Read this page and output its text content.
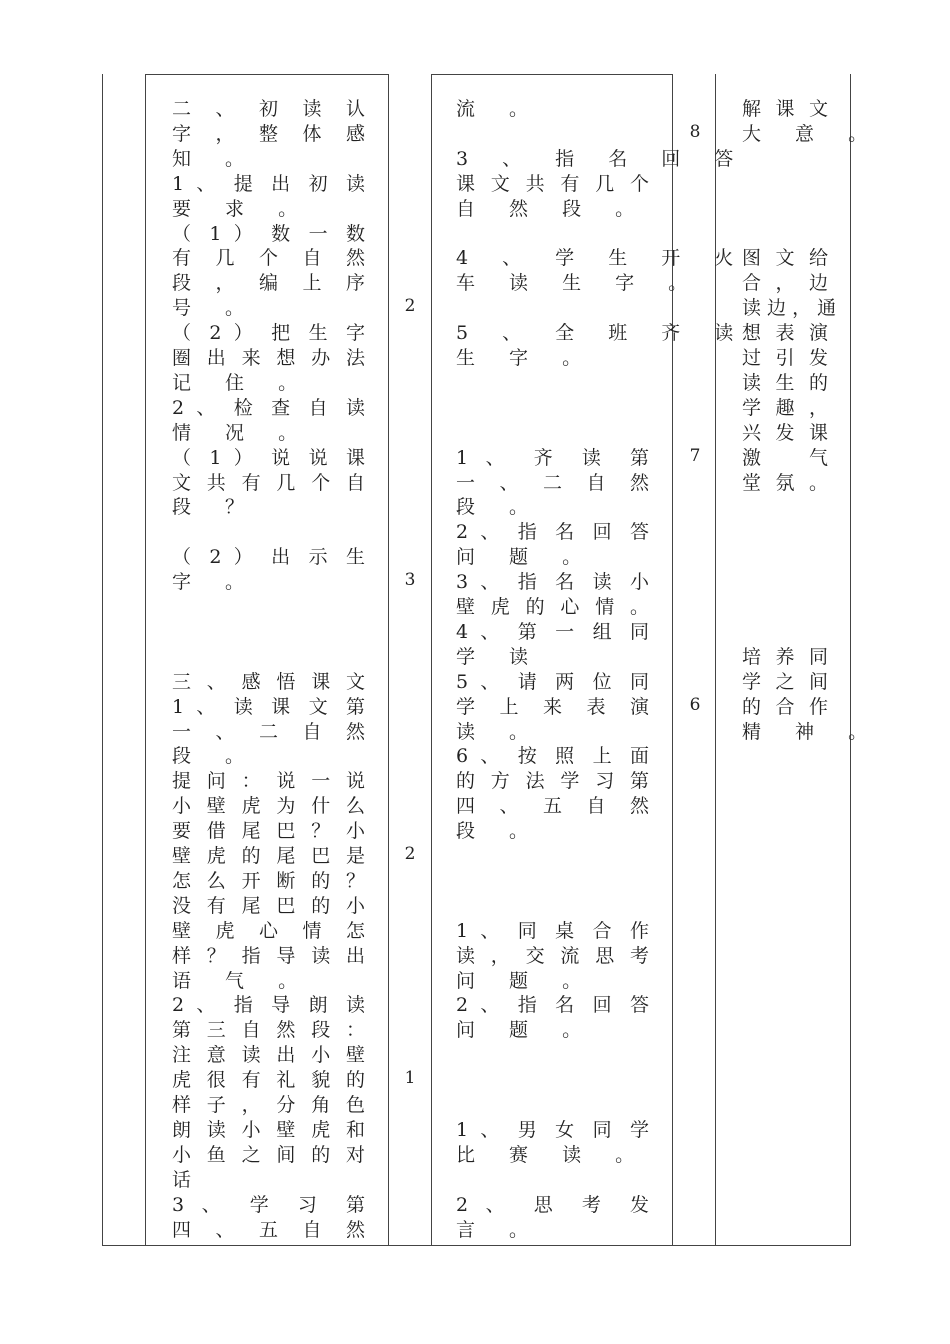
二 、 初 读 认
字 ， 整 体 感
知 。
1 、 提 出 初 读
要 求 。
（ 1 ） 数 一 数
有 几 个 自 然
段 ， 编 上 序
号 。
（ 2 ） 把 生 字
圈 出 来 想 办 法
记 住 。
2 、 检 查 自 读
情 况 。
（ 1 ） 说 说 课
文 共 有 几 个 自
段 ？
（ 2 ） 出 示 生
字 。
三 、 感 悟 课 文
1 、 读 课 文 第
一 、 二 自 然
段 。
提 问 ： 说 一 说
小 壁 虎 为 什 么
要 借 尾 巴 ？ 小
壁 虎 的 尾 巴 是
怎 么 开 断 的 ？
没 有 尾 巴 的 小
壁 虎 心 情 怎
样 ？ 指 导 读 出
语 气 。
2 、 指 导 朗 读
第 三 自 然 段 ：
注 意 读 出 小 壁
虎 很 有 礼 貌 的
样 子 ， 分 角 色
朗 读 小 壁 虎 和
小 鱼 之 间 的 对
话
3 、 学 习 第
四 、 五 自 然
2
3
2
1
流 。
3 、 指 名 回 答
课 文 共 有 几 个
自 然 段 。
4 、 学 生 开 火
车 读 生 字 。
5 、 全 班 齐 读
生 字 。
1 、 齐 读 第
一 、 二 自 然
段 。
2 、 指 名 回 答
问 题 。
3 、 指 名 读 小
壁 虎 的 心 情 。
4 、 第 一 组 同
学 读
5 、 请 两 位 同
学 上 来 表 演
读 。
6 、 按 照 上 面
的 方 法 学 习 第
四 、 五 自 然
段 。
1 、 同 桌 合 作
读 ， 交 流 思 考
问 题 。
2 、 指 名 回 答
问 题 。
1 、 男 女 同 学
比 赛 读 。
2 、 思 考 发
言 。
8
7
6
解 课 文
大 意 。
图 文 给
合 ， 边
读 边 ， 通
想 表 演
过 引 发
读 生 的
学 趣 ，
兴 发 课
激 气
堂 氛 。
培 养 同
学 之 间
的 合 作
精 神 。
